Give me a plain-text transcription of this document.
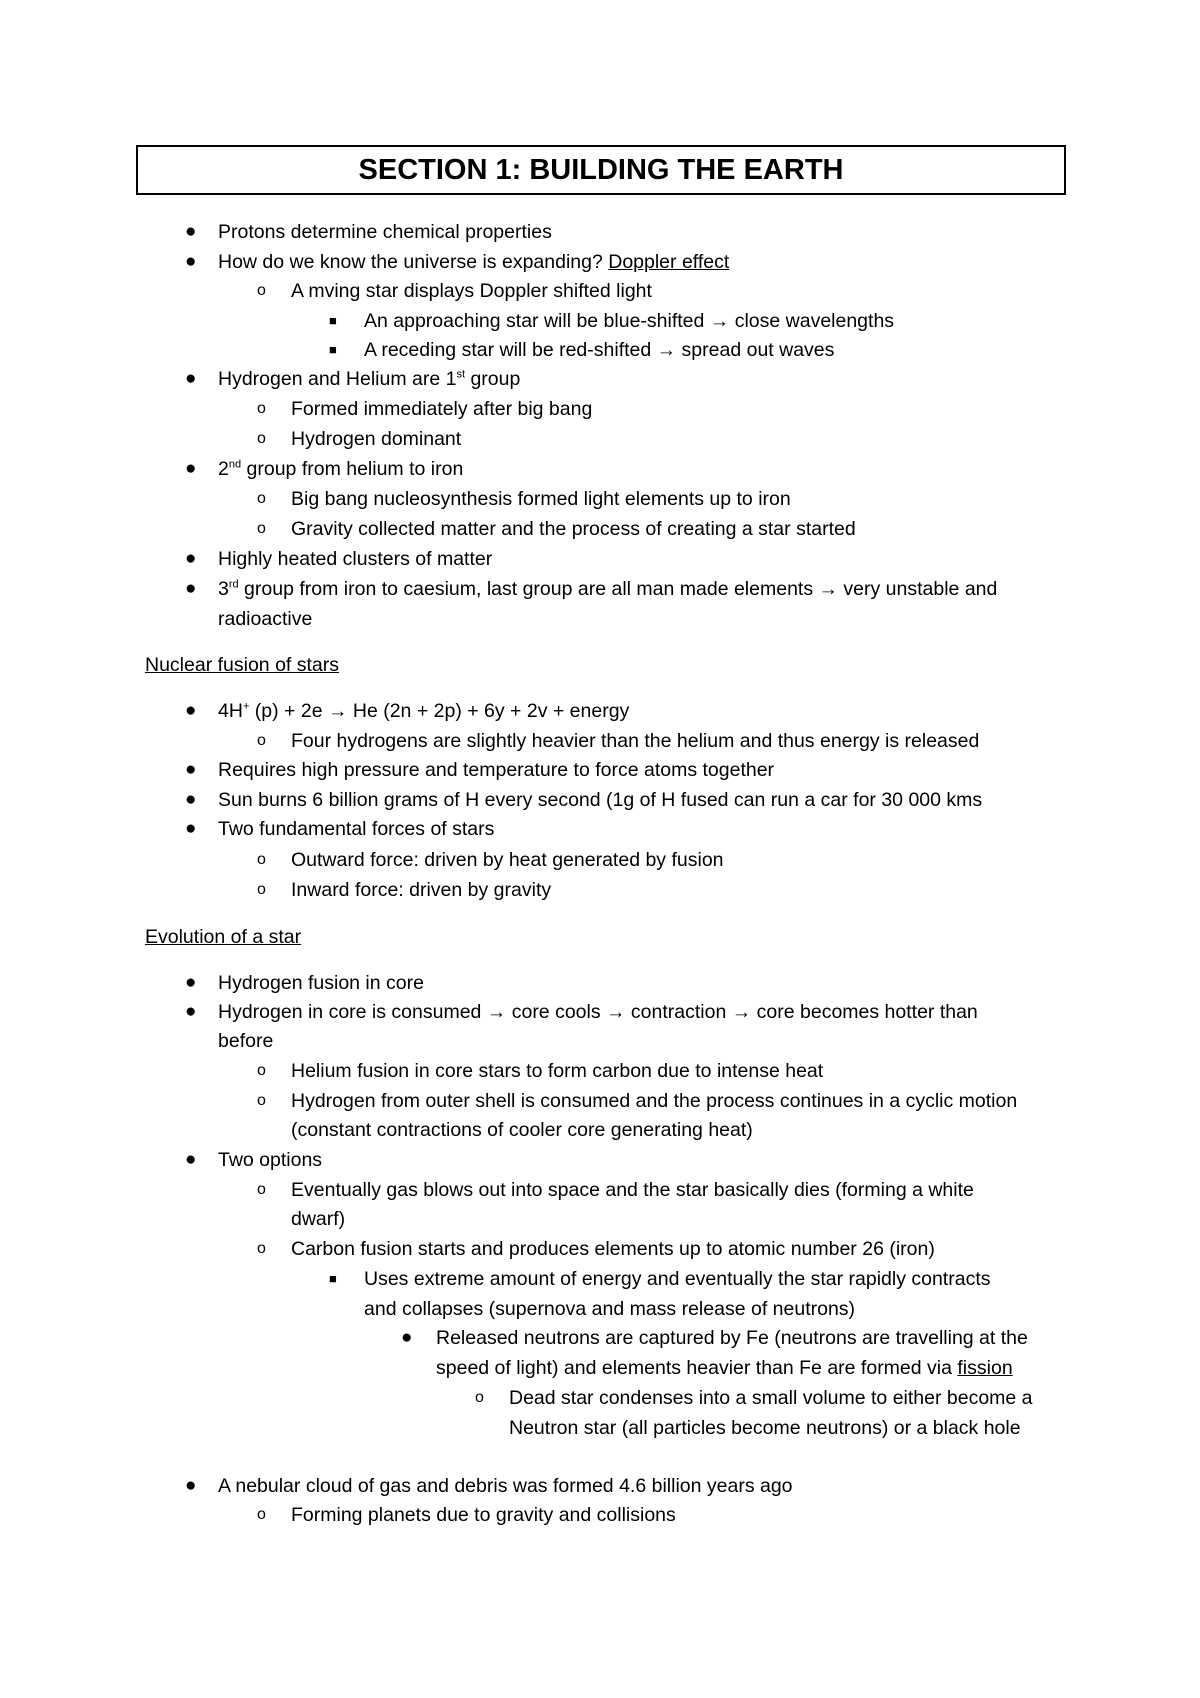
SECTION 1: BUILDING THE EARTH
● Protons determine chemical properties
● How do we know the universe is expanding? Doppler effect
o A mving star displays Doppler shifted light
■ An approaching star will be blue-shifted → close wavelengths
■ A receding star will be red-shifted → spread out waves
● Hydrogen and Helium are 1st group
o Formed immediately after big bang
o Hydrogen dominant
● 2nd group from helium to iron
o Big bang nucleosynthesis formed light elements up to iron
o Gravity collected matter and the process of creating a star started
● Highly heated clusters of matter
● 3rd group from iron to caesium, last group are all man made elements → very unstable and
radioactive
Nuclear fusion of stars
● 4H+ (p) + 2e → He (2n + 2p) + 6y + 2v + energy
o Four hydrogens are slightly heavier than the helium and thus energy is released
● Requires high pressure and temperature to force atoms together
● Sun burns 6 billion grams of H every second (1g of H fused can run a car for 30 000 kms
● Two fundamental forces of stars
o Outward force: driven by heat generated by fusion
o Inward force: driven by gravity
Evolution of a star
● Hydrogen fusion in core
● Hydrogen in core is consumed → core cools → contraction → core becomes hotter than
before
o Helium fusion in core stars to form carbon due to intense heat
o Hydrogen from outer shell is consumed and the process continues in a cyclic motion
(constant contractions of cooler core generating heat)
● Two options
o Eventually gas blows out into space and the star basically dies (forming a white
dwarf)
o Carbon fusion starts and produces elements up to atomic number 26 (iron)
■ Uses extreme amount of energy and eventually the star rapidly contracts
and collapses (supernova and mass release of neutrons)
● Released neutrons are captured by Fe (neutrons are travelling at the
speed of light) and elements heavier than Fe are formed via fission
o Dead star condenses into a small volume to either become a
Neutron star (all particles become neutrons) or a black hole
● A nebular cloud of gas and debris was formed 4.6 billion years ago
o Forming planets due to gravity and collisions
